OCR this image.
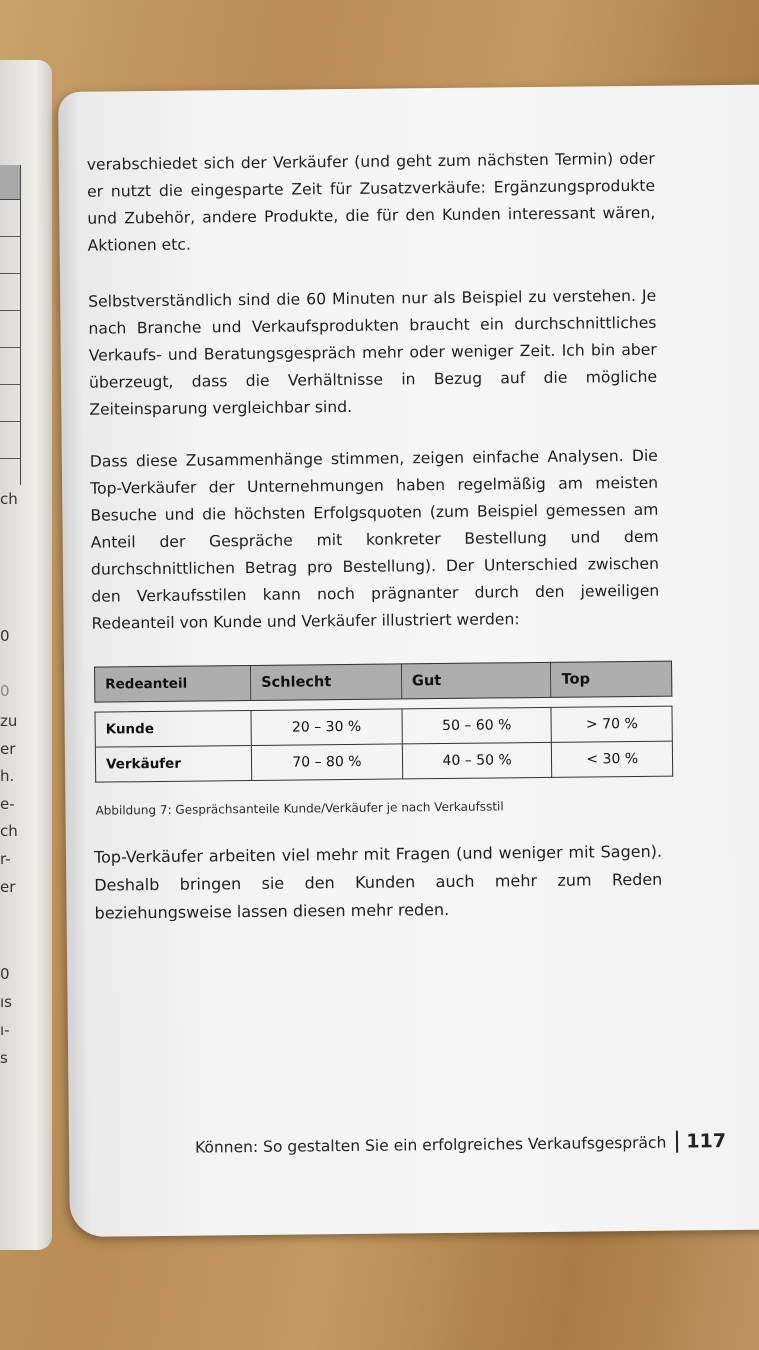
ch
0
0
zu
er
h.
e-
ch
r-
er
0
ıs
ı-
s

verabschiedet sich der Verkäufer (und geht zum nächsten Termin) oder er nutzt die eingesparte Zeit für Zusatzverkäufe: Ergänzungsprodukte und Zubehör, andere Produkte, die für den Kunden interessant wären, Aktionen etc.

Selbstverständlich sind die 60 Minuten nur als Beispiel zu verstehen. Je nach Branche und Verkaufsprodukten braucht ein durchschnittliches Verkaufs- und Beratungsgespräch mehr oder weniger Zeit. Ich bin aber überzeugt, dass die Verhältnisse in Bezug auf die mögliche Zeiteinsparung vergleichbar sind.

Dass diese Zusammenhänge stimmen, zeigen einfache Analysen. Die Top-Verkäufer der Unternehmungen haben regelmäßig am meisten Besuche und die höchsten Erfolgsquoten (zum Beispiel gemessen am Anteil der Gespräche mit konkreter Bestellung und dem durchschnittlichen Betrag pro Bestellung). Der Unterschied zwischen den Verkaufsstilen kann noch prägnanter durch den jeweiligen Redeanteil von Kunde und Verkäufer illustriert werden:

Redeanteil	Schlecht	Gut	Top

Kunde	20 – 30 %	50 – 60 %	> 70 %
Verkäufer	70 – 80 %	40 – 50 %	< 30 %
Abbildung 7: Gesprächsanteile Kunde/Verkäufer je nach Verkaufsstil

Top-Verkäufer arbeiten viel mehr mit Fragen (und weniger mit Sagen). Deshalb bringen sie den Kunden auch mehr zum Reden beziehungsweise lassen diesen mehr reden.

Können: So gestalten Sie ein erfolgreiches Verkaufsgespräch 117
